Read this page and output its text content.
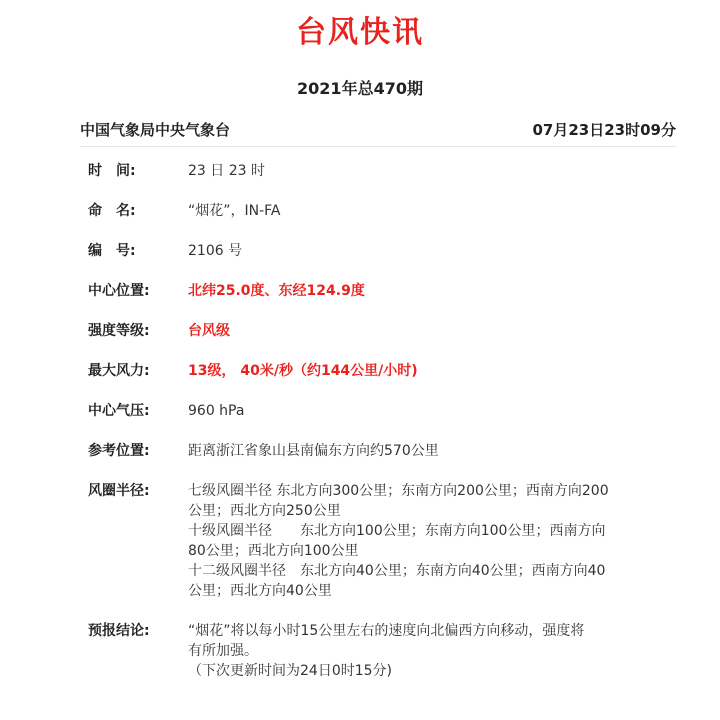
台风快讯
2021年总470期
中国气象局中央气象台	07月23日23时09分
时　间:	23 日 23 时
命　名:	“烟花”，IN-FA
编　号:	2106 号
中心位置:	北纬25.0度、东经124.9度
强度等级:	台风级
最大风力:	13级， 40米/秒（约144公里/小时)
中心气压:	960 hPa
参考位置:	距离浙江省象山县南偏东方向约570公里
风圈半径:	七级风圈半径 东北方向300公里；东南方向200公里；西南方向200
公里；西北方向250公里
十级风圈半径　　东北方向100公里；东南方向100公里；西南方向
80公里；西北方向100公里
十二级风圈半径　东北方向40公里；东南方向40公里；西南方向40
公里；西北方向40公里
预报结论:	“烟花”将以每小时15公里左右的速度向北偏西方向移动，强度将
有所加强。
（下次更新时间为24日0时15分)
